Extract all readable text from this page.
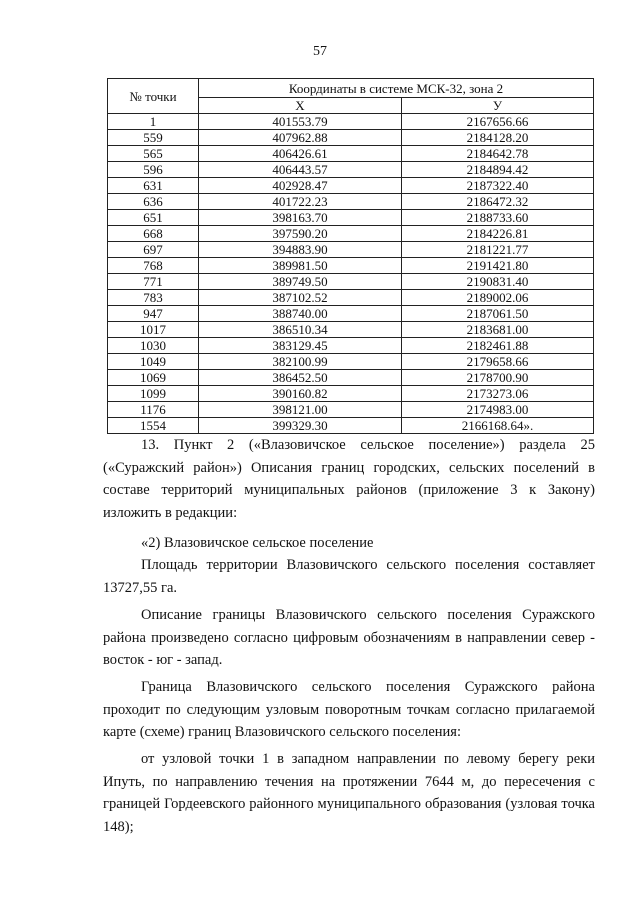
57
№ точки	Координаты в системе МСК-32, зона 2	
	Х	У
1	401553.79	2167656.66
559	407962.88	2184128.20
565	406426.61	2184642.78
596	406443.57	2184894.42
631	402928.47	2187322.40
636	401722.23	2186472.32
651	398163.70	2188733.60
668	397590.20	2184226.81
697	394883.90	2181221.77
768	389981.50	2191421.80
771	389749.50	2190831.40
783	387102.52	2189002.06
947	388740.00	2187061.50
1017	386510.34	2183681.00
1030	383129.45	2182461.88
1049	382100.99	2179658.66
1069	386452.50	2178700.90
1099	390160.82	2173273.06
1176	398121.00	2174983.00
1554	399329.30	2166168.64».

13. Пункт 2 («Влазовичское сельское поселение») раздела 25 («Суражский район») Описания границ городских, сельских поселений в составе территорий муниципальных районов (приложение 3 к Закону) изложить в редакции:

«2) Влазовичское сельское поселение

Площадь территории Влазовичского сельского поселения составляет 13727,55 га.

Описание границы Влазовичского сельского поселения Суражского района произведено согласно цифровым обозначениям в направлении север - восток - юг - запад.

Граница Влазовичского сельского поселения Суражского района проходит по следующим узловым поворотным точкам согласно прилагаемой карте (схеме) границ Влазовичского сельского поселения:

от узловой точки 1 в западном направлении по левому берегу реки Ипуть, по направлению течения на протяжении 7644 м, до пересечения с границей Гордеевского районного муниципального образования (узловая точка 148);
